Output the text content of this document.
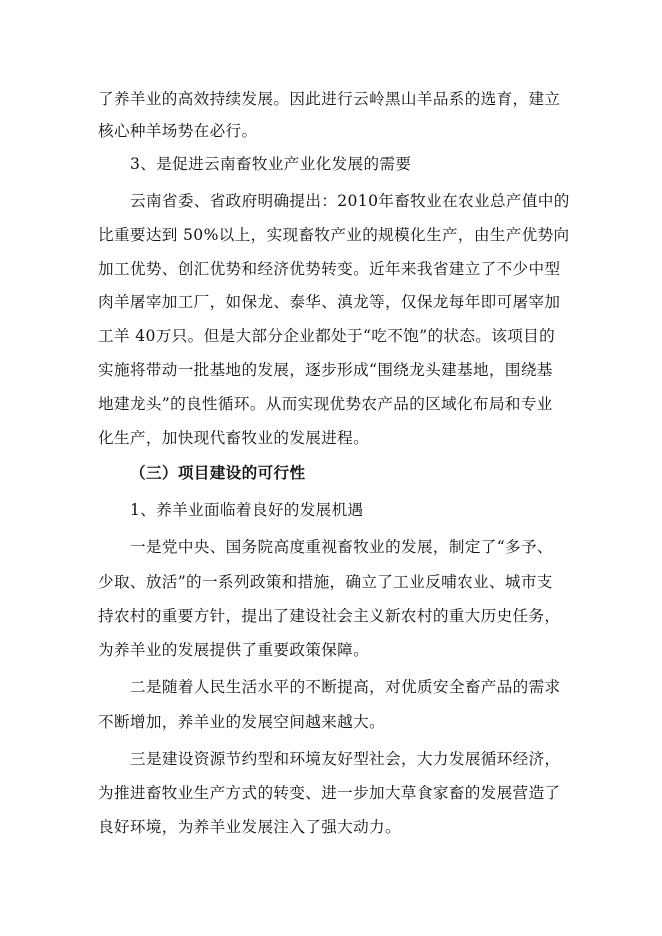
了养羊业的高效持续发展。因此进行云岭黑山羊品系的选育，建立
核心种羊场势在必行。
3、是促进云南畜牧业产业化发展的需要
云南省委、省政府明确提出：2010年畜牧业在农业总产值中的
比重要达到 50%以上，实现畜牧产业的规模化生产，由生产优势向
加工优势、创汇优势和经济优势转变。近年来我省建立了不少中型
肉羊屠宰加工厂，如保龙、泰华、滇龙等，仅保龙每年即可屠宰加
工羊 40万只。但是大部分企业都处于“吃不饱”的状态。该项目的
实施将带动一批基地的发展，逐步形成“围绕龙头建基地，围绕基
地建龙头”的良性循环。从而实现优势农产品的区域化布局和专业
化生产，加快现代畜牧业的发展进程。
（三）项目建设的可行性
1、养羊业面临着良好的发展机遇
一是党中央、国务院高度重视畜牧业的发展，制定了“多予、
少取、放活”的一系列政策和措施，确立了工业反哺农业、城市支
持农村的重要方针，提出了建设社会主义新农村的重大历史任务，
为养羊业的发展提供了重要政策保障。
二是随着人民生活水平的不断提高，对优质安全畜产品的需求
不断增加，养羊业的发展空间越来越大。
三是建设资源节约型和环境友好型社会，大力发展循环经济，
为推进畜牧业生产方式的转变、进一步加大草食家畜的发展营造了
良好环境，为养羊业发展注入了强大动力。
